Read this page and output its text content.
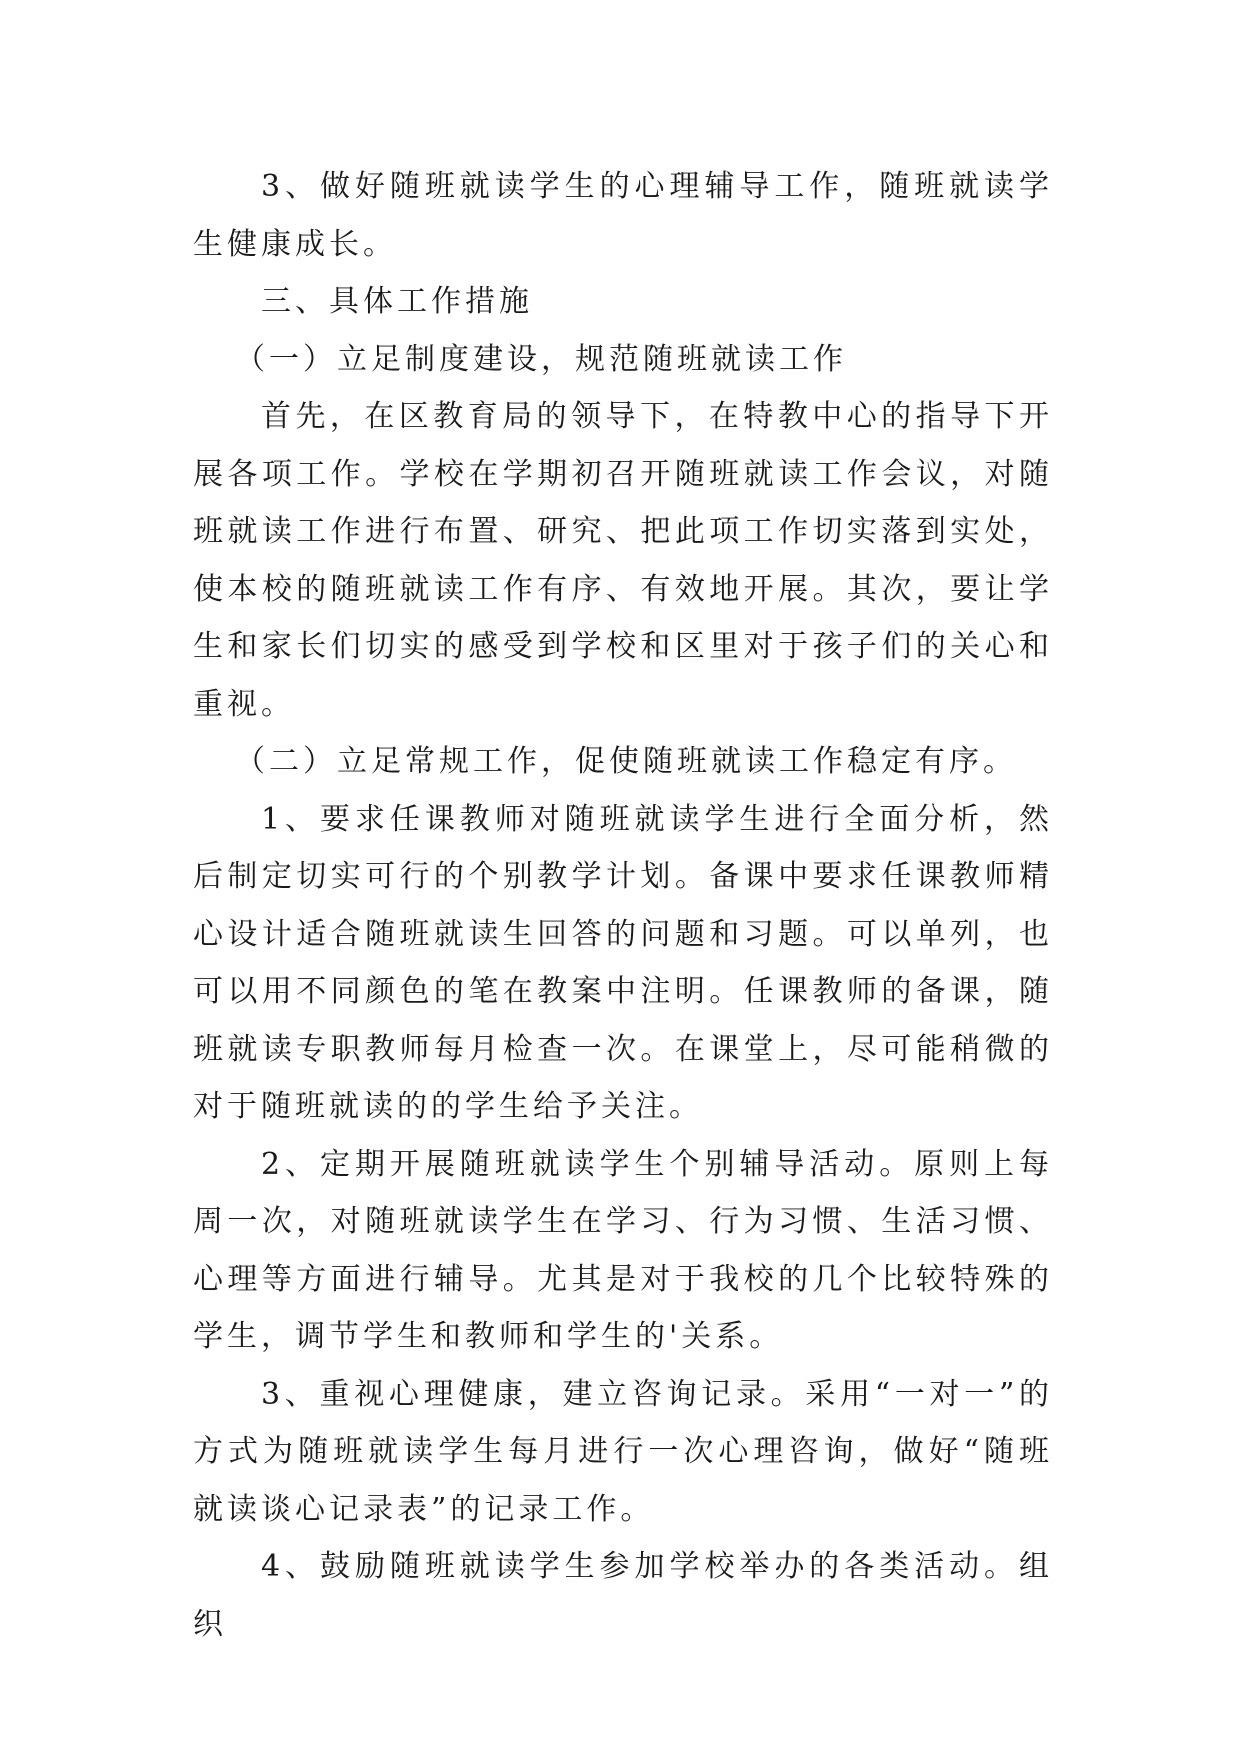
3、做好随班就读学生的心理辅导工作，随班就读学生健康成长。

三、具体工作措施

（一）立足制度建设，规范随班就读工作

首先，在区教育局的领导下，在特教中心的指导下开展各项工作。学校在学期初召开随班就读工作会议，对随班就读工作进行布置、研究、把此项工作切实落到实处，使本校的随班就读工作有序、有效地开展。其次，要让学生和家长们切实的感受到学校和区里对于孩子们的关心和重视。

（二）立足常规工作，促使随班就读工作稳定有序。

1、要求任课教师对随班就读学生进行全面分析，然后制定切实可行的个别教学计划。备课中要求任课教师精心设计适合随班就读生回答的问题和习题。可以单列，也可以用不同颜色的笔在教案中注明。任课教师的备课，随班就读专职教师每月检查一次。在课堂上，尽可能稍微的对于随班就读的的学生给予关注。

2、定期开展随班就读学生个别辅导活动。原则上每周一次，对随班就读学生在学习、行为习惯、生活习惯、心理等方面进行辅导。尤其是对于我校的几个比较特殊的学生，调节学生和教师和学生的'关系。

3、重视心理健康，建立咨询记录。采用“一对一”的方式为随班就读学生每月进行一次心理咨询，做好“随班就读谈心记录表”的记录工作。

4、鼓励随班就读学生参加学校举办的各类活动。组织
